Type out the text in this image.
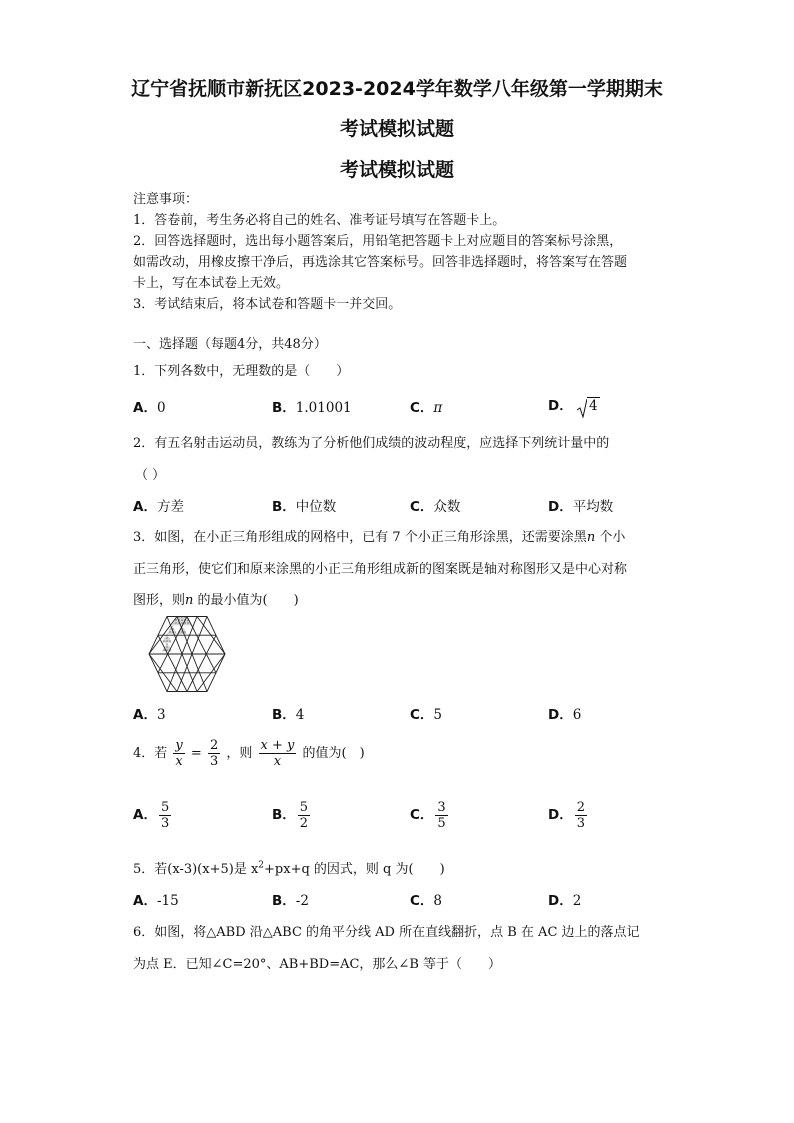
辽宁省抚顺市新抚区2023-2024学年数学八年级第一学期期末
考试模拟试题
考试模拟试题
注意事项：
1．答卷前，考生务必将自己的姓名、准考证号填写在答题卡上。
2．回答选择题时，选出每小题答案后，用铅笔把答题卡上对应题目的答案标号涂黑，
如需改动，用橡皮擦干净后，再选涂其它答案标号。回答非选择题时，将答案写在答题
卡上，写在本试卷上无效。
3．考试结束后，将本试卷和答题卡一并交回。
一、选择题（每题4分，共48分）
1．下列各数中，无理数的是（　　）
A．0	B．1.01001	C．π	D． 4
2．有五名射击运动员，教练为了分析他们成绩的波动程度，应选择下列统计量中的
（ ）
A．方差	B．中位数	C．众数	D．平均数
3．如图，在小正三角形组成的网格中，已有 7 个小正三角形涂黑，还需要涂黑n 个小
正三角形，使它们和原来涂黑的小正三角形组成新的图案既是轴对称图形又是中心对称
图形，则n 的最小值为(　　)
A．3	B．4	C．5	D．6
4．若 $\frac{y}{x} = \frac{2}{3}$ ，则 $\frac{x + y}{x}$ 的值为(　)
A． $\frac{5}{3}$	B． $\frac{5}{2}$	C． $\frac{3}{5}$	D． $\frac{2}{3}$
5．若(x-3)(x+5)是 $x^2+px+q$ 的因式，则 q 为(　　)
A．-15	B．-2	C．8	D．2
6．如图，将△ABD 沿△ABC 的角平分线 AD 所在直线翻折，点 B 在 AC 边上的落点记
为点 E．已知∠C=20°、AB+BD=AC，那么∠B 等于（　　）
